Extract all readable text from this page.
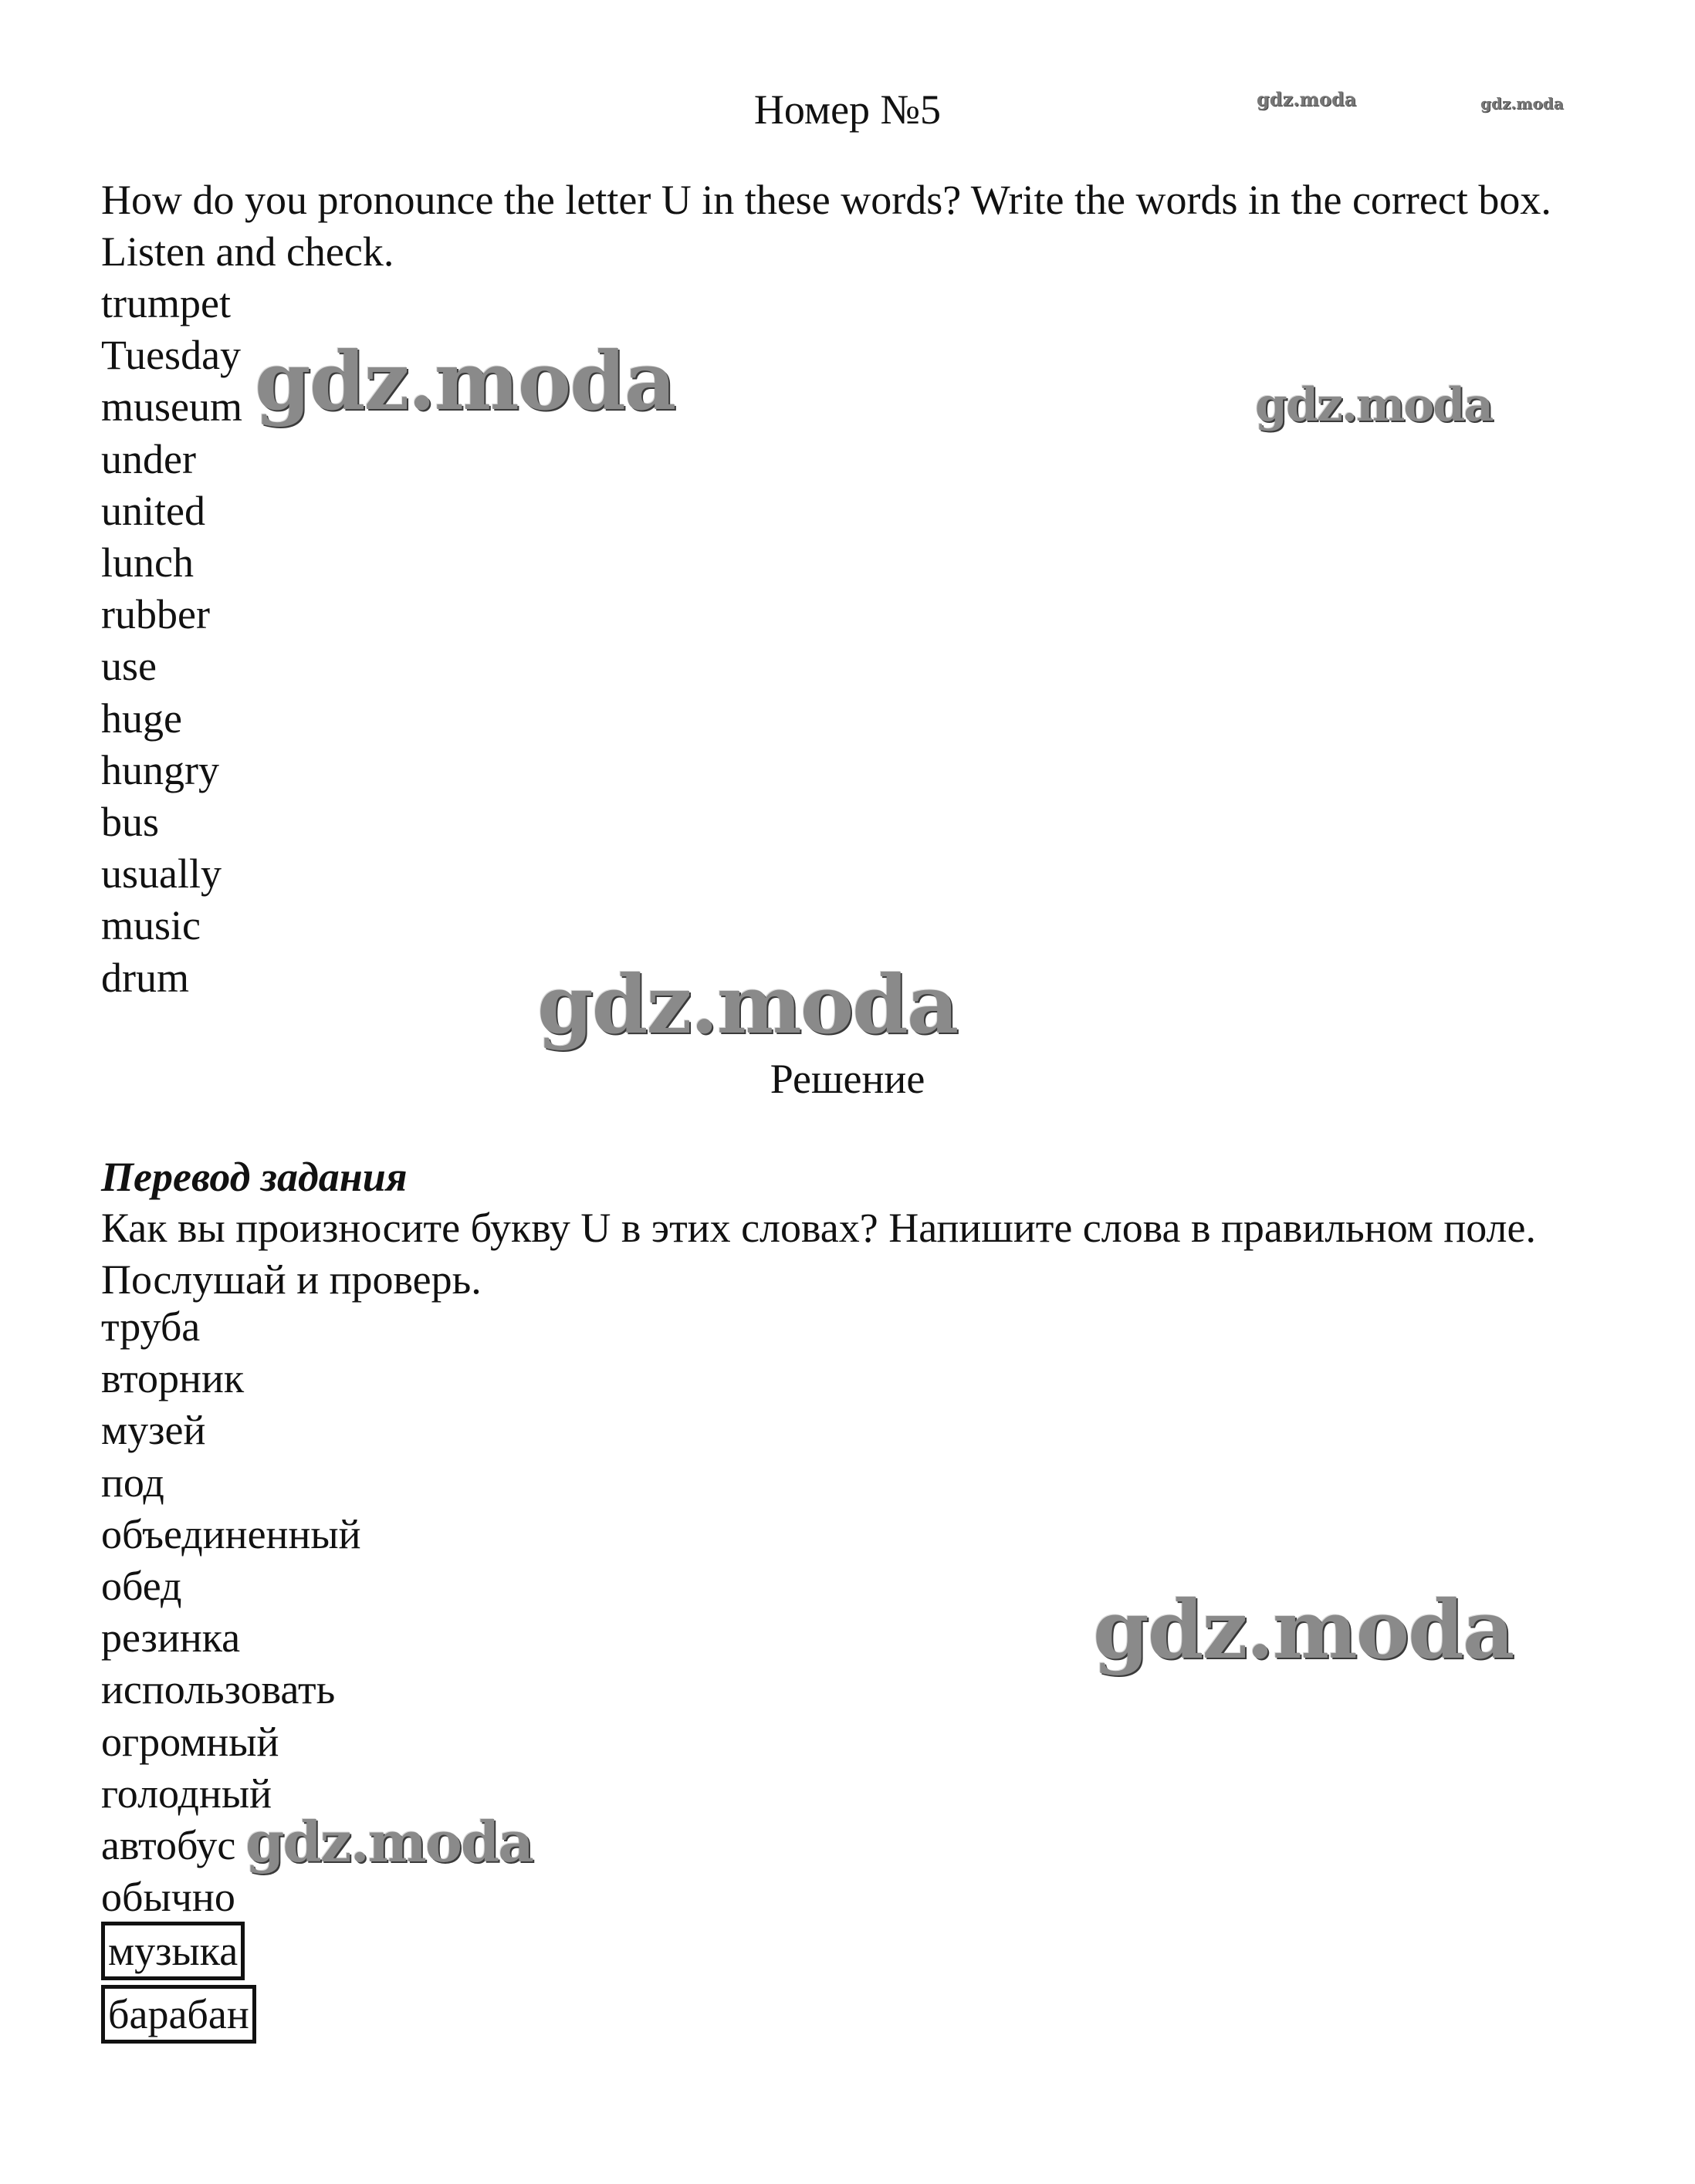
Номер №5
How do you pronounce the letter U in these words? Write the words in the correct box. Listen and check.
trumpet
Tuesday
museum
under
united
lunch
rubber
use
huge
hungry
bus
usually
music
drum
Решение
Перевод задания
Как вы произносите букву U в этих словах? Напишите слова в правильном поле. Послушай и проверь.
труба
вторник
музей
под
объединенный
обед
резинка
использовать
огромный
голодный
автобус
обычно
музыка
барабан
gdz.moda	gdz.moda
gdz.moda	gdz.moda
gdz.moda
gdz.moda
gdz.moda
